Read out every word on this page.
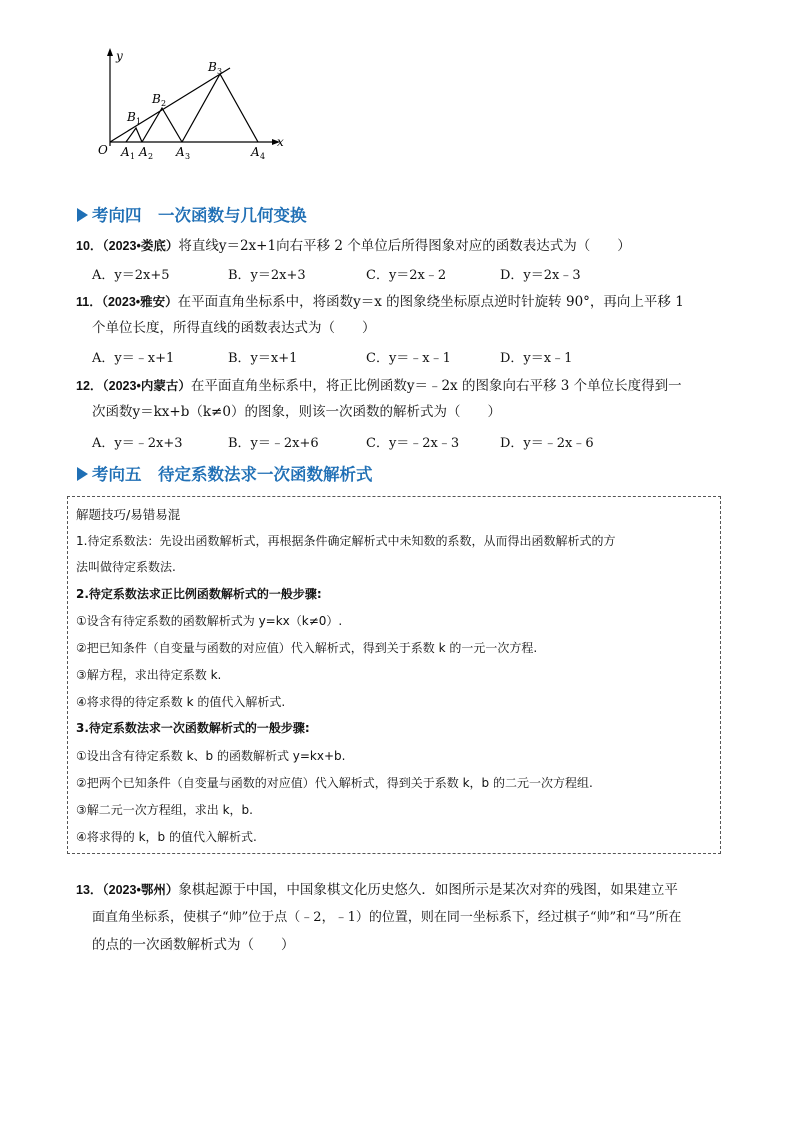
y
x
O
B 1
B 2
B 3
A 1 A 2 A 3	A 4
考向四　一次函数与几何变换
10．（2023•娄底）将直线y＝2x+1向右平移 2 个单位后所得图象对应的函数表达式为（　　）
A．y＝2x+5	B．y＝2x+3	C．y＝2x﹣2	D．y＝2x﹣3
11．（2023•雅安）在平面直角坐标系中，将函数y＝x 的图象绕坐标原点逆时针旋转 90°，再向上平移 1
个单位长度，所得直线的函数表达式为（　　）
A．y＝﹣x+1	B．y＝x+1	C．y＝﹣x﹣1	D．y＝x﹣1
12．（2023•内蒙古）在平面直角坐标系中，将正比例函数y＝﹣2x 的图象向右平移 3 个单位长度得到一
次函数y＝kx+b（k≠0）的图象，则该一次函数的解析式为（　　）
A．y＝﹣2x+3	B．y＝﹣2x+6	C．y＝﹣2x﹣3	D．y＝﹣2x﹣6
考向五　待定系数法求一次函数解析式
解题技巧/易错易混
1.待定系数法：先设出函数解析式，再根据条件确定解析式中未知数的系数，从而得出函数解析式的方
法叫做待定系数法.
2.待定系数法求正比例函数解析式的一般步骤:
①设含有待定系数的函数解析式为 y=kx（k≠0）.
②把已知条件（自变量与函数的对应值）代入解析式，得到关于系数 k 的一元一次方程.
③解方程，求出待定系数 k.
④将求得的待定系数 k 的值代入解析式.
3.待定系数法求一次函数解析式的一般步骤:
①设出含有待定系数 k、b 的函数解析式 y=kx+b.
②把两个已知条件（自变量与函数的对应值）代入解析式，得到关于系数 k，b 的二元一次方程组.
③解二元一次方程组，求出 k，b.
④将求得的 k，b 的值代入解析式.
13．（2023•鄂州）象棋起源于中国，中国象棋文化历史悠久．如图所示是某次对弈的残图，如果建立平
面直角坐标系，使棋子“帅”位于点（﹣2，﹣1）的位置，则在同一坐标系下，经过棋子“帅”和“马”所在
的点的一次函数解析式为（　　）
